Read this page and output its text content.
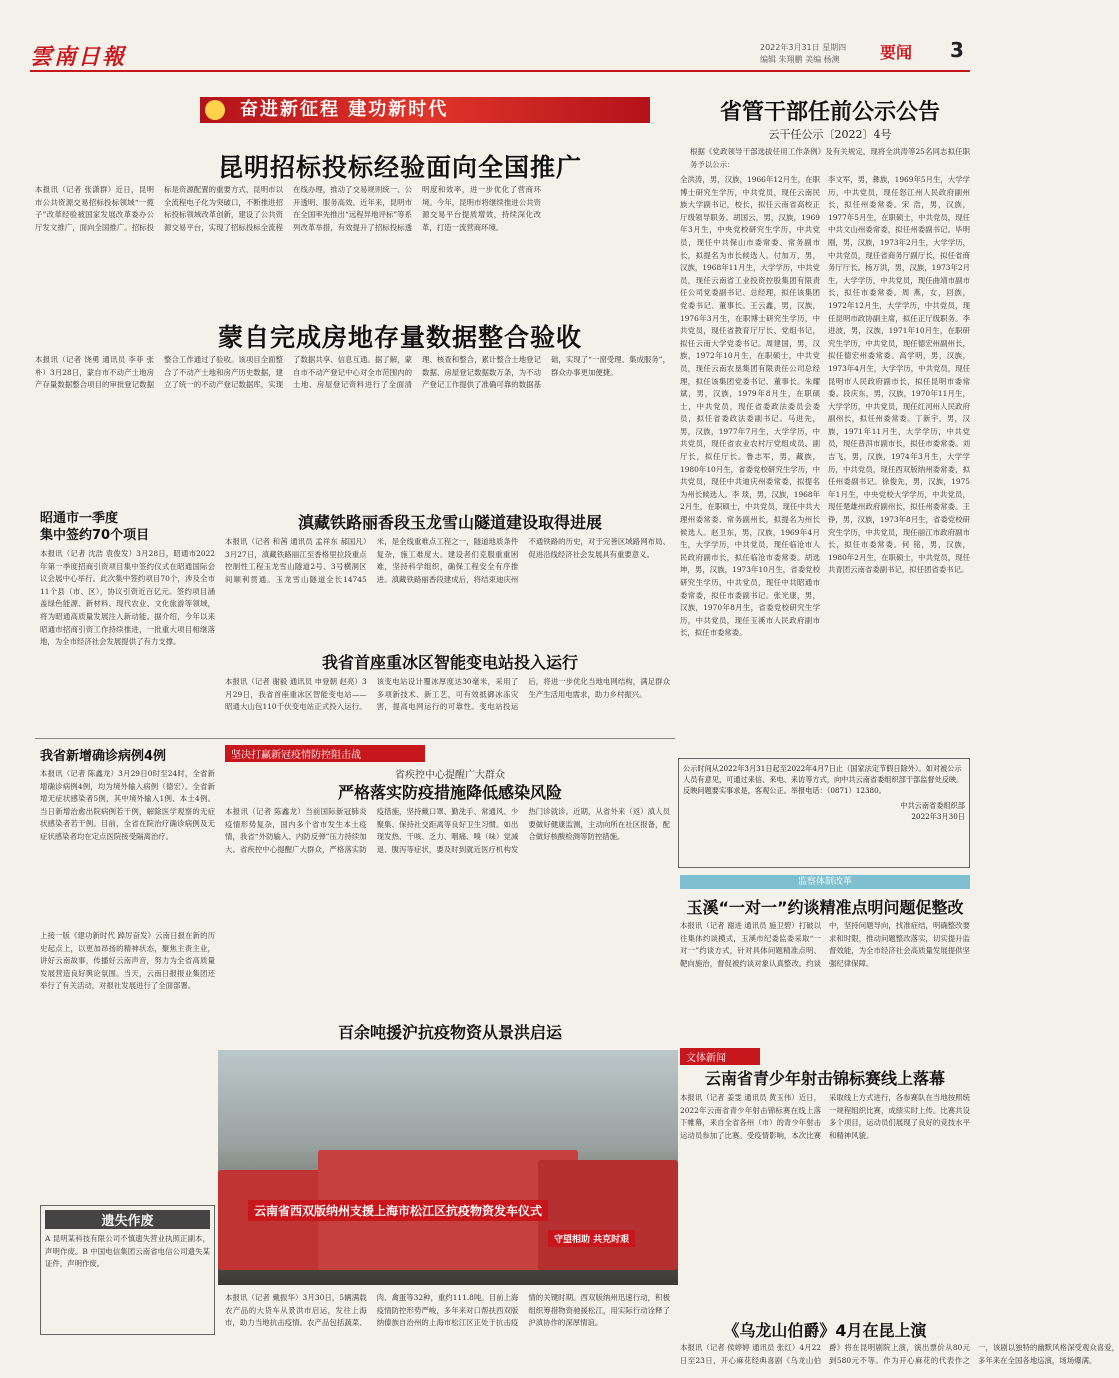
雲南日報	2022年3月31日 星期四
编辑 朱翔鹏 美编 杨澳	要闻 3
奋进新征程 建功新时代
昆明招标投标经验面向全国推广
本报讯（记者 张潇群）近日，昆明市公共资源交易招标投标领域“一揽子”改革经验被国家发展改革委办公厅发文推广，面向全国推广。招标投标是资源配置的重要方式，昆明市以全流程电子化为突破口，不断推进招标投标领域改革创新，建设了公共资源交易平台，实现了招标投标全流程在线办理，推动了交易规则统一、公开透明、服务高效。近年来，昆明市在全国率先推出“远程异地评标”等系列改革举措，有效提升了招标投标透明度和效率，进一步优化了营商环境。今年，昆明市将继续推进公共资源交易平台提质增效，持续深化改革，打造一流营商环境。
蒙自完成房地存量数据整合验收
本报讯（记者 饶勇 通讯员 李菲 张朴）3月28日，蒙自市不动产土地房产存量数据整合项目的审批登记数据整合工作通过了验收。该项目全面整合了不动产土地和房产历史数据，建立了统一的不动产登记数据库，实现了数据共享、信息互通。据了解，蒙自市不动产登记中心对全市范围内的土地、房屋登记资料进行了全面清理、核查和整合，累计整合土地登记数据、房屋登记数据数万条，为不动产登记工作提供了准确可靠的数据基础，实现了“一窗受理、集成服务”，群众办事更加便捷。
昭通市一季度
集中签约70个项目
本报讯（记者 沈浩 袁俊发）3月28日，昭通市2022年第一季度招商引资项目集中签约仪式在昭通国际会议会展中心举行。此次集中签约项目70个，涉及全市11个县（市、区），协议引资近百亿元。签约项目涵盖绿色能源、新材料、现代农业、文化旅游等领域，将为昭通高质量发展注入新动能。据介绍，今年以来昭通市招商引资工作持续推进，一批重大项目相继落地，为全市经济社会发展提供了有力支撑。
滇藏铁路丽香段玉龙雪山隧道建设取得进展
本报讯（记者 和茜 通讯员 孟祥东 郝国凡）3月27日，滇藏铁路丽江至香格里拉段重点控制性工程玉龙雪山隧道2号、3号横洞区间顺利贯通。玉龙雪山隧道全长14745米，是全线重难点工程之一，隧道地质条件复杂，施工难度大。建设者们克服重重困难，坚持科学组织，确保工程安全有序推进。滇藏铁路丽香段建成后，将结束迪庆州不通铁路的历史，对于完善区域路网布局、促进沿线经济社会发展具有重要意义。
我省首座重冰区智能变电站投入运行
本报讯（记者 谢毅 通讯员 申登朝 赵亮）3月29日，我省首座重冰区智能变电站——昭通大山包110千伏变电站正式投入运行。该变电站设计覆冰厚度达30毫米，采用了多项新技术、新工艺，可有效抵御冰冻灾害，提高电网运行的可靠性。变电站投运后，将进一步优化当地电网结构，满足群众生产生活用电需求，助力乡村振兴。
我省新增确诊病例4例
本报讯（记者 陈鑫龙）3月29日0时至24时，全省新增确诊病例4例，均为境外输入病例（德宏）。全省新增无症状感染者5例，其中境外输入1例、本土4例。当日新增治愈出院病例若干例，解除医学观察的无症状感染者若干例。目前，全省在院治疗确诊病例及无症状感染者均在定点医院接受隔离治疗。
上接一版《建功新时代 踔厉奋发》云南日报在新的历史起点上，以更加昂扬的精神状态，聚焦主责主业，讲好云南故事，传播好云南声音，努力为全省高质量发展营造良好舆论氛围。当天，云南日报报业集团还举行了有关活动，对报社发展进行了全面部署。
遗失作废
A 昆明某科技有限公司不慎遗失营业执照正副本，声明作废。B 中国电信集团云南省电信公司遗失某证件，声明作废。
坚决打赢新冠疫情防控阻击战
省疾控中心提醒广大群众
严格落实防疫措施降低感染风险
本报讯（记者 陈鑫龙）当前国际新冠肺炎疫情形势复杂，国内多个省市发生本土疫情，我省“外防输入、内防反弹”压力持续加大。省疾控中心提醒广大群众，严格落实防疫措施，坚持戴口罩、勤洗手、常通风、少聚集、保持社交距离等良好卫生习惯。如出现发热、干咳、乏力、咽痛、嗅（味）觉减退、腹泻等症状，要及时到就近医疗机构发热门诊就诊。近期，从省外来（返）滇人员要做好健康监测，主动向所在社区报备，配合做好核酸检测等防控措施。
百余吨援沪抗疫物资从景洪启运
云南省西双版纳州支援上海市松江区抗疫物资发车仪式
守望相助 共克时艰
本报讯（记者 戴振华）3月30日，5辆满载农产品的大货车从景洪市启运，发往上海市，助力当地抗击疫情。农产品包括蔬菜、肉、禽蛋等32种，重约111.8吨。目前上海疫情防控形势严峻，多年来对口帮扶西双版纳傣族自治州的上海市松江区正处于抗击疫情的关键时期。西双版纳州迅速行动，积极组织筹措物资驰援松江，用实际行动诠释了沪滇协作的深厚情谊。
省管干部任前公示公告
云干任公示〔2022〕4号
根据《党政领导干部选拔任用工作条例》及有关规定，现将全洪涛等25名同志拟任职务予以公示：
全洪涛，男，汉族，1966年12月生，在职博士研究生学历，中共党员，现任云南民族大学副书记，校长，拟任云南省高校正厅级领导职务。胡国云，男，汉族，1969年3月生，中央党校研究生学历，中共党员，现任中共保山市委常委、常务副市长，拟提名为市长候选人。付加万，男，汉族，1968年11月生，大学学历，中共党员，现任云南省工业投资控股集团有限责任公司党委副书记、总经理，拟任该集团党委书记、董事长。王云鑫，男，汉族，1976年3月生，在职博士研究生学历，中共党员，现任省教育厅厅长、党组书记，拟任云南大学党委书记。周建国，男，汉族，1972年10月生，在职硕士，中共党员，现任云南农垦集团有限责任公司总经理，拟任该集团党委书记、董事长。朱耀斌，男，汉族，1979年8月生，在职硕士，中共党员，现任省委政法委员会委员，拟任省委政法委副书记。马进先，男，汉族，1977年7月生，大学学历，中共党员，现任省农业农村厅党组成员、副厅长，拟任厅长。鲁志军，男，藏族，1980年10月生，省委党校研究生学历，中共党员，现任中共迪庆州委常委，拟提名为州长候选人。李 琰，男，汉族，1968年2月生，在职硕士，中共党员，现任中共大理州委常委、常务副州长，拟提名为州长候选人。赵卫东，男，汉族，1969年4月生，大学学历，中共党员，现任临沧市人民政府副市长，拟任临沧市委常委。胡选坤，男，汉族，1973年10月生，省委党校研究生学历，中共党员，现任中共昭通市委常委，拟任市委副书记。张光康，男，汉族，1970年8月生，省委党校研究生学历，中共党员，现任玉溪市人民政府副市长，拟任市委常委。
李文军，男，彝族，1969年5月生，大学学历，中共党员，现任怒江州人民政府副州长，拟任州委常委。宋 浩，男，汉族，1977年5月生，在职硕士，中共党员，现任中共文山州委常委，拟任州委副书记。毕明刚，男，汉族，1973年2月生，大学学历，中共党员，现任省商务厅副厅长，拟任省商务厅厅长。杨万洪，男，汉族，1973年2月生，大学学历，中共党员，现任曲靖市副市长，拟任市委常委。周 燕，女，回族，1972年12月生，大学学历，中共党员，现任昆明市政协副主席，拟任正厅级职务。李进波，男，汉族，1971年10月生，在职研究生学历，中共党员，现任德宏州副州长，拟任德宏州委常委。高学明，男，汉族，1973年4月生，大学学历，中共党员，现任昆明市人民政府副市长，拟任昆明市委常委。段庆东，男，汉族，1970年11月生，大学学历，中共党员，现任红河州人民政府副州长，拟任州委常委。丁新宇，男，汉族，1971年11月生，大学学历，中共党员，现任普洱市副市长，拟任市委常委。刘吉飞，男，汉族，1974年3月生，大学学历，中共党员，现任西双版纳州委常委，拟任州委副书记。徐俊先，男，汉族，1975年1月生，中央党校大学学历，中共党员，现任楚雄州政府副州长，拟任州委常委。王 铮，男，汉族，1973年8月生，省委党校研究生学历，中共党员，现任丽江市政府副市长，拟任市委常委。何 铭，男，汉族，1980年2月生，在职硕士，中共党员，现任共青团云南省委副书记，拟任团省委书记。
公示时间从2022年3月31日起至2022年4月7日止（国家法定节假日除外）。如对被公示人员有意见，可通过来信、来电、来访等方式，向中共云南省委组织部干部监督处反映。反映问题要实事求是，客观公正。举报电话：（0871）12380。
中共云南省委组织部
2022年3月30日
监察体制改革
玉溪“一对一”约谈精准点明问题促整改
本报讯（记者 谢进 通讯员 施卫碧）打破以往集体约谈模式，玉溪市纪委监委采取“一对一”约谈方式，针对具体问题精准点明、靶向施治，督促被约谈对象认真整改。约谈中，坚持问题导向，找准症结，明确整改要求和时限，推动问题整改落实，切实提升监督效能，为全市经济社会高质量发展提供坚强纪律保障。
文体新闻
云南省青少年射击锦标赛线上落幕
本报讯（记者 姜雯 通讯员 黄玉伟）近日，2022年云南省青少年射击锦标赛在线上落下帷幕，来自全省各州（市）的青少年射击运动员参加了比赛。受疫情影响，本次比赛采取线上方式进行，各参赛队在当地按照统一规程组织比赛，成绩实时上传。比赛共设多个项目，运动员们展现了良好的竞技水平和精神风貌。
《乌龙山伯爵》4月在昆上演
本报讯（记者 侯婷婷 通讯员 张红）4月22日至23日，开心麻花经典喜剧《乌龙山伯爵》将在昆明剧院上演，演出票价从80元到580元不等。作为开心麻花的代表作之一，该剧以独特的幽默风格深受观众喜爱，多年来在全国各地巡演，场场爆满。
